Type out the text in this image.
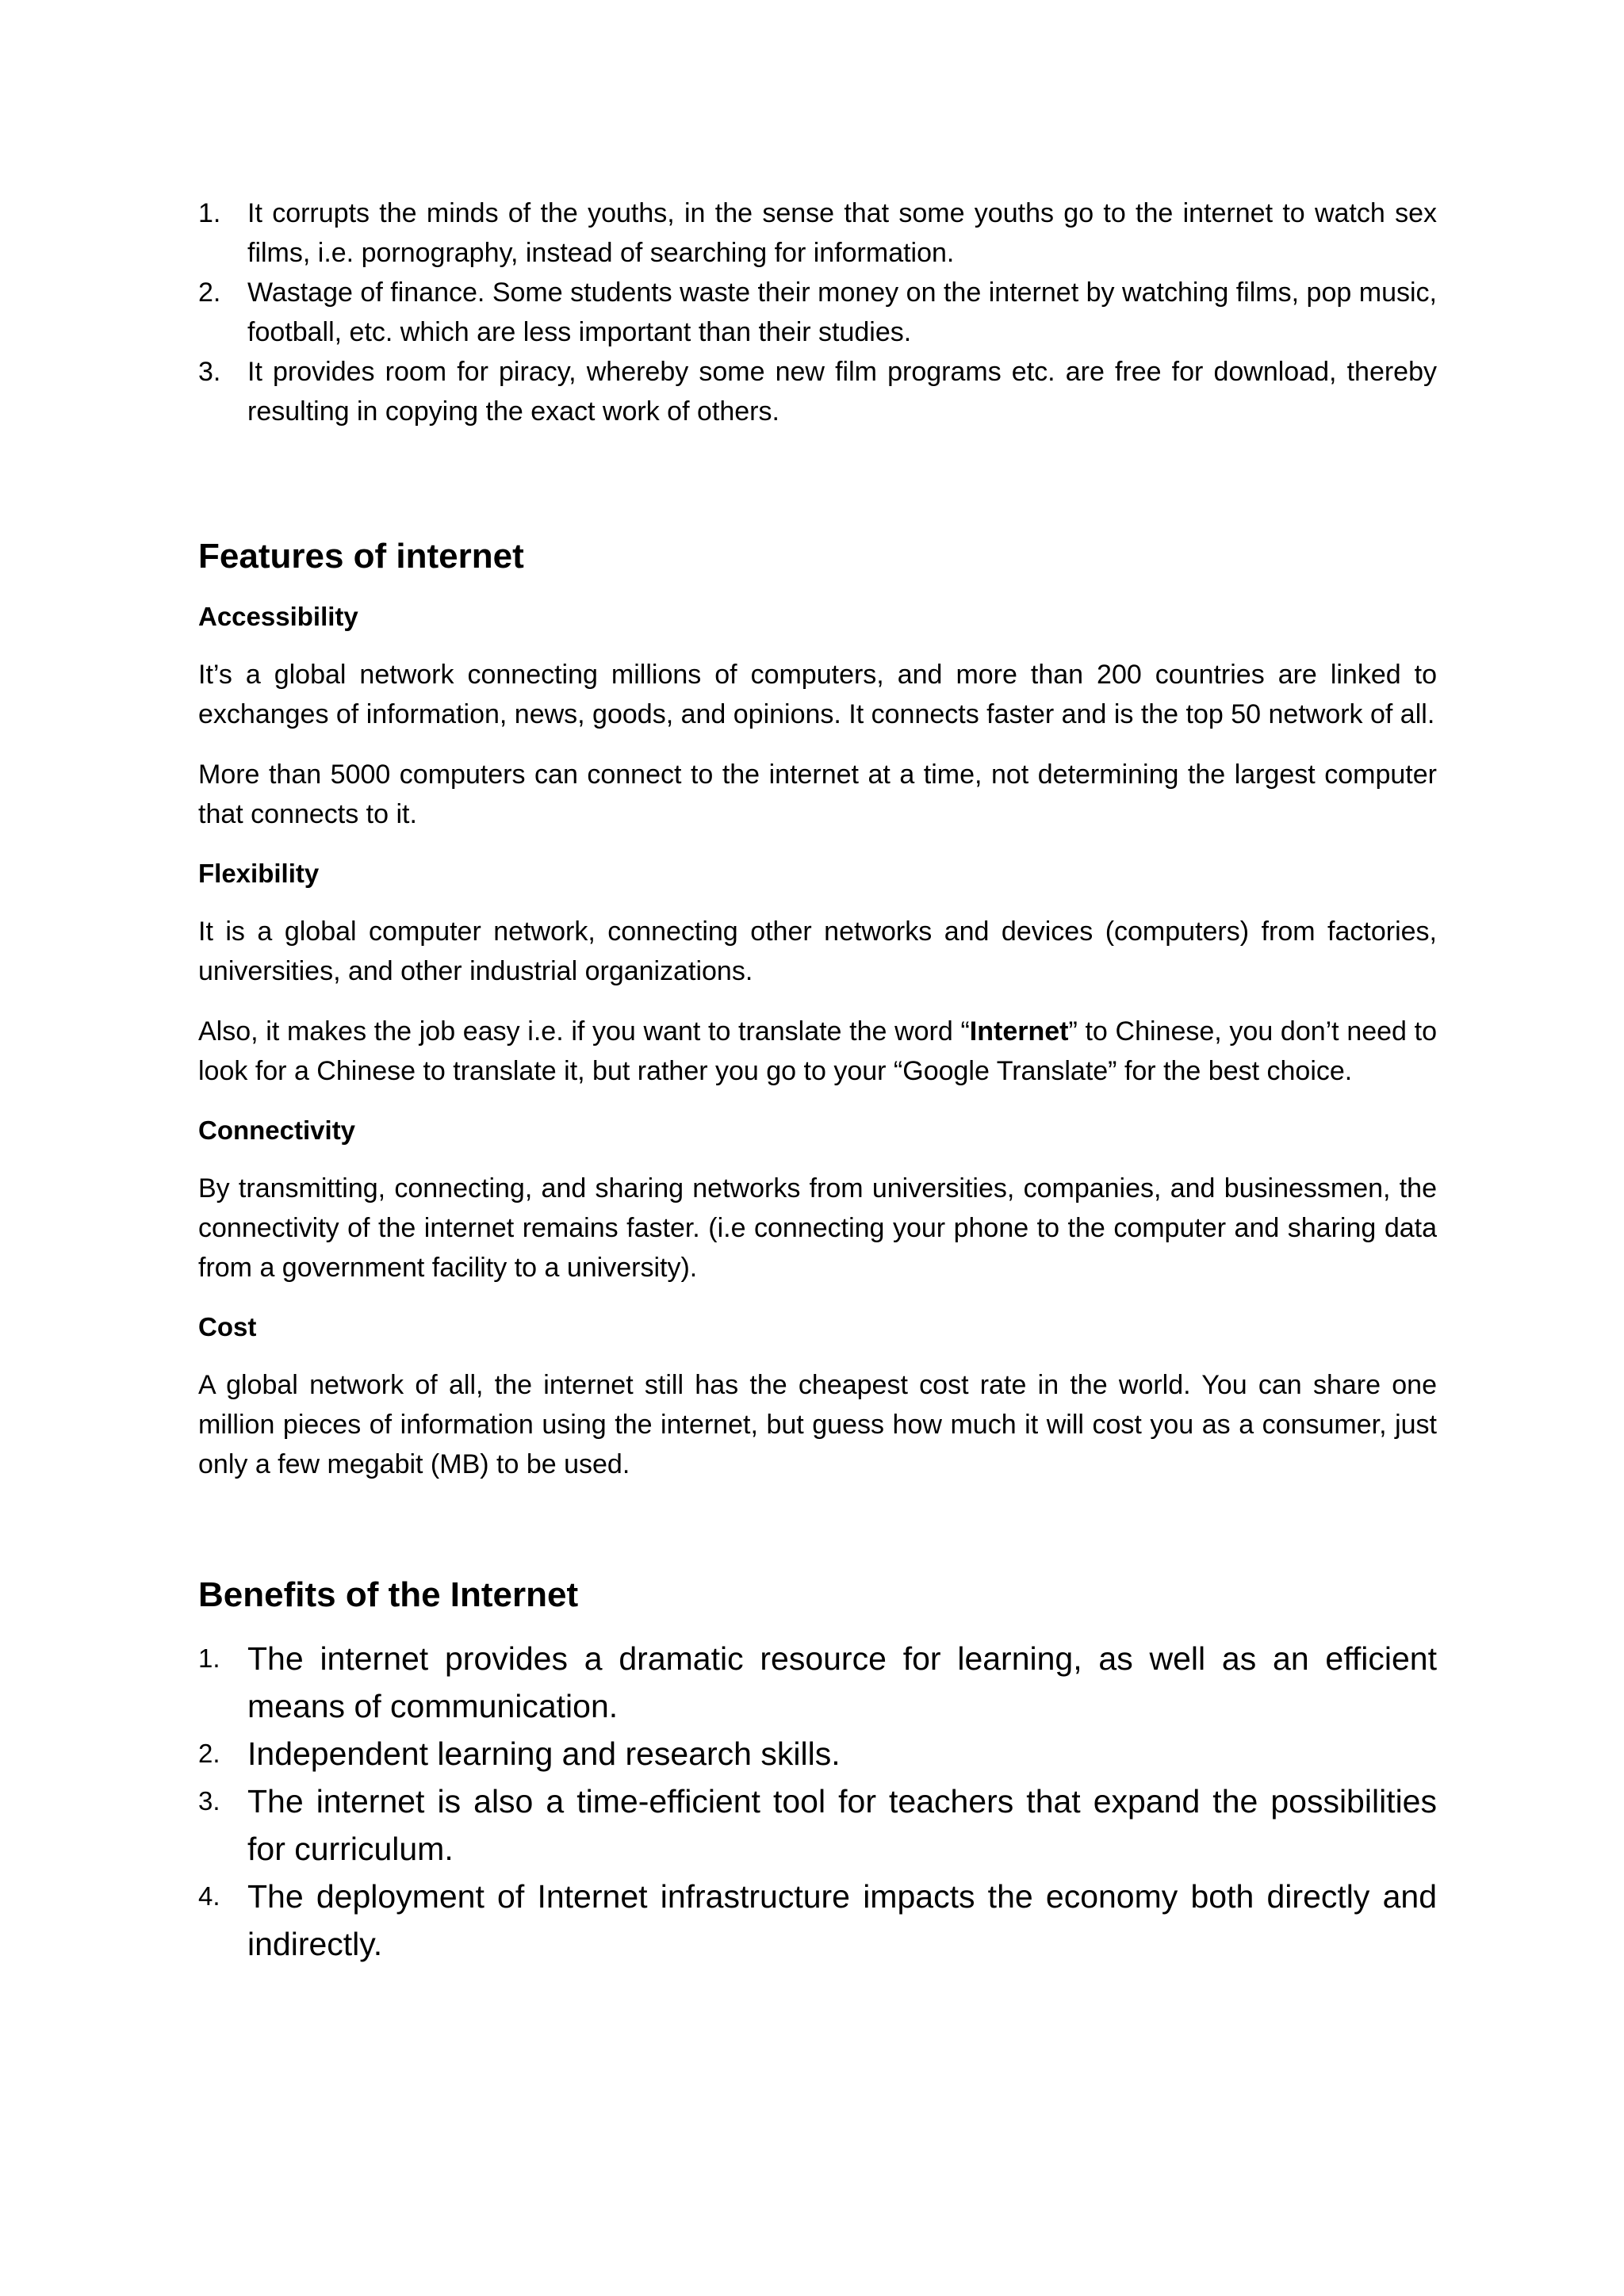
1. It corrupts the minds of the youths, in the sense that some youths go to the internet to watch sex films, i.e. pornography, instead of searching for information.
2. Wastage of finance. Some students waste their money on the internet by watching films, pop music, football, etc. which are less important than their studies.
3. It provides room for piracy, whereby some new film programs etc. are free for download, thereby resulting in copying the exact work of others.
Features of internet
Accessibility

It’s a global network connecting millions of computers, and more than 200 countries are linked to exchanges of information, news, goods, and opinions. It connects faster and is the top 50 network of all.

More than 5000 computers can connect to the internet at a time, not determining the largest computer that connects to it.

Flexibility

It is a global computer network, connecting other networks and devices (computers) from factories, universities, and other industrial organizations.

Also, it makes the job easy i.e. if you want to translate the word “Internet” to Chinese, you don’t need to look for a Chinese to translate it, but rather you go to your “Google Translate” for the best choice.

Connectivity

By transmitting, connecting, and sharing networks from universities, companies, and businessmen, the connectivity of the internet remains faster. (i.e connecting your phone to the computer and sharing data from a government facility to a university).

Cost

A global network of all, the internet still has the cheapest cost rate in the world. You can share one million pieces of information using the internet, but guess how much it will cost you as a consumer, just only a few megabit (MB) to be used.

Benefits of the Internet
1. The internet provides a dramatic resource for learning, as well as an efficient means of communication.
2. Independent learning and research skills.
3. The internet is also a time-efficient tool for teachers that expand the possibilities for curriculum.
4. The deployment of Internet infrastructure impacts the economy both directly and indirectly.
